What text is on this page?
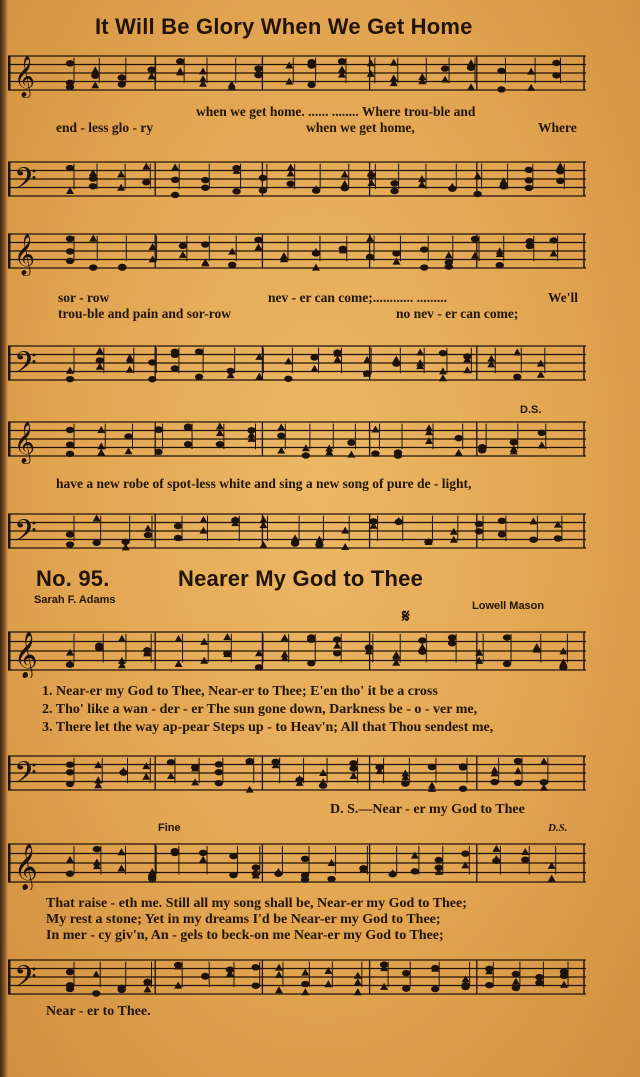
It Will Be Glory When We Get Home
𝄞
when we get home. ...... ........ Where trou-ble and
end - less glo - ry	when we get home,	Where
𝄢
𝄞
sor - row	nev - er can come;............ .........	We'll
trou-ble and pain and sor-row	no nev - er can come;
𝄢
D.S.
𝄞
have a new robe of spot-less white and sing a new song of pure de - light,
𝄢
No. 95.	Nearer My God to Thee
Sarah F. Adams	Lowell Mason
𝄋
𝄞
1. Near-er my God to Thee, Near-er to Thee; E'en tho' it be a cross
2. Tho' like a wan - der - er The sun gone down, Darkness be - o - ver me,
3. There let the way ap-pear Steps up - to Heav'n; All that Thou sendest me,
𝄢
D. S.—Near - er my God to Thee
Fine	D.S.
𝄞
That raise - eth me. Still all my song shall be, Near-er my God to Thee;
My rest a stone; Yet in my dreams I'd be Near-er my God to Thee;
In mer - cy giv'n, An - gels to beck-on me Near-er my God to Thee;
𝄢
Near - er to Thee.
